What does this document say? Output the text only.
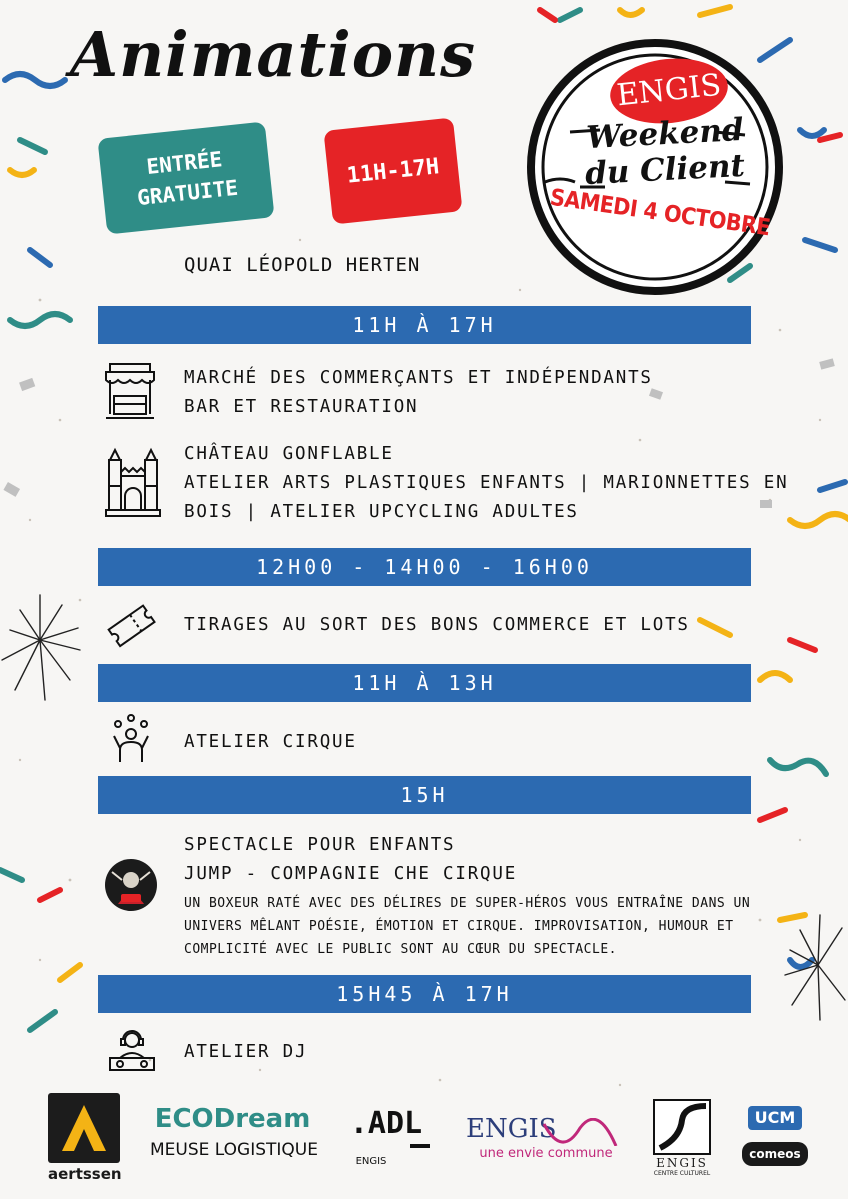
Animations
ENTRÉE
GRATUITE
11H-17H
ENGIS
Weekend
du Client
SAMEDI 4 OCTOBRE

QUAI LÉOPOLD HERTEN

11H À 17H
MARCHÉ DES COMMERÇANTS ET INDÉPENDANTS
BAR ET RESTAURATION
CHÂTEAU GONFLABLE
ATELIER ARTS PLASTIQUES ENFANTS | MARIONNETTES EN
BOIS | ATELIER UPCYCLING ADULTES
12H00 - 14H00 - 16H00
TIRAGES AU SORT DES BONS COMMERCE ET LOTS
11H À 13H
ATELIER CIRQUE
15H
SPECTACLE POUR ENFANTS
JUMP - COMPAGNIE CHE CIRQUE
UN BOXEUR RATÉ AVEC DES DÉLIRES DE SUPER-HÉROS VOUS ENTRAÎNE DANS UN UNIVERS MÊLANT POÉSIE, ÉMOTION ET CIRQUE. IMPROVISATION, HUMOUR ET COMPLICITÉ AVEC LE PUBLIC SONT AU CŒUR DU SPECTACLE.
15H45 À 17H
ATELIER DJ
aertssen
ECODream
MEUSE LOGISTIQUE
.ADL
ENGIS
ENGIS
une envie commune
ENGIS
CENTRE CULTUREL
UCM
comeos
